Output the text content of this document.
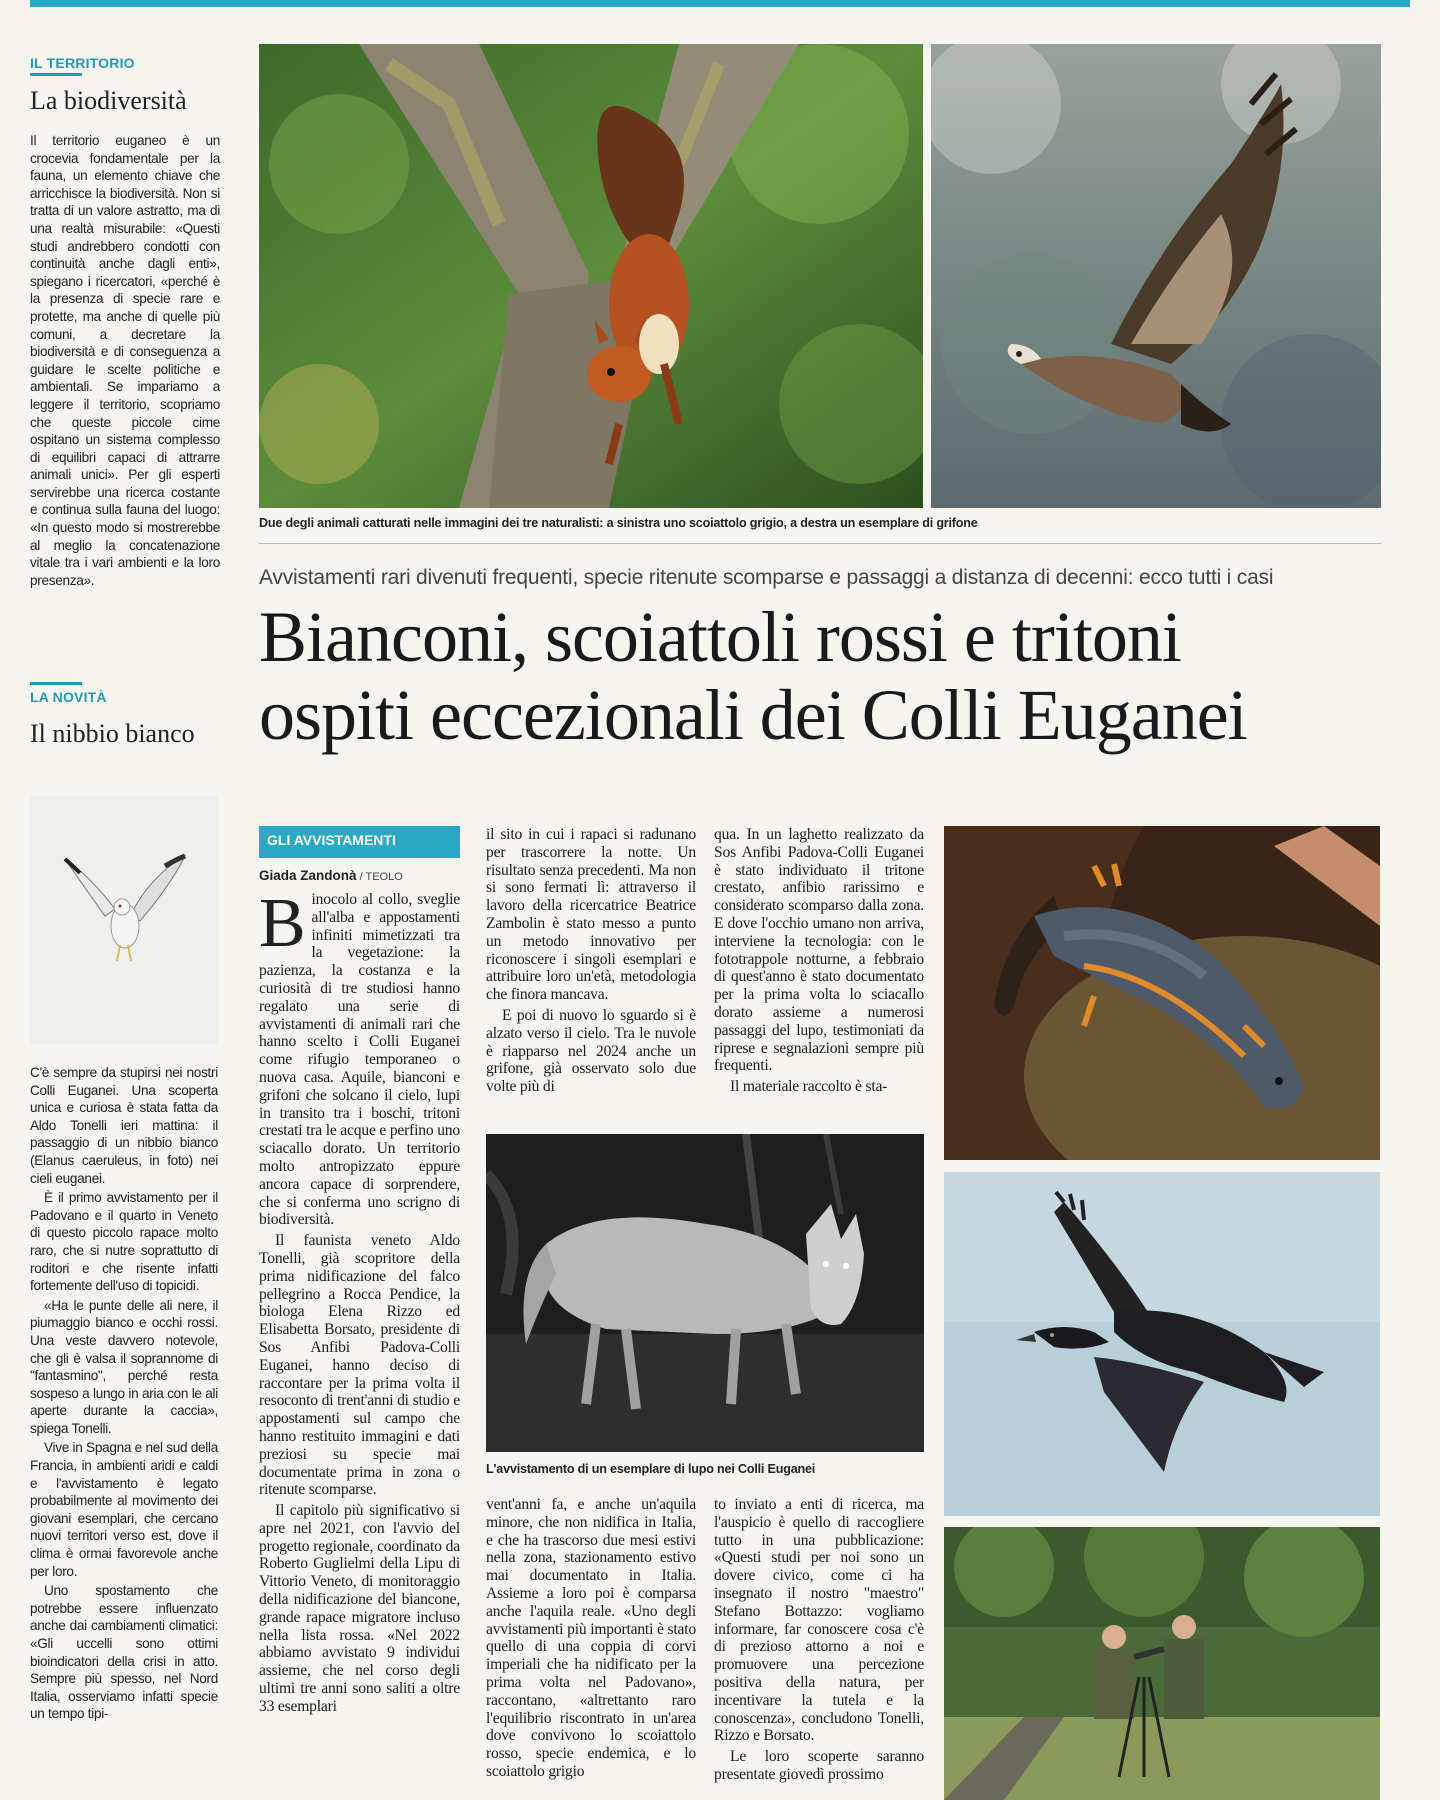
IL TERRITORIO
La biodiversità
Il territorio euganeo è un crocevia fondamentale per la fauna, un elemento chiave che arricchisce la biodiversità. Non si tratta di un valore astratto, ma di una realtà misurabile: «Questi studi andrebbero condotti con continuità anche dagli enti», spiegano i ricercatori, «perché è la presenza di specie rare e protette, ma anche di quelle più comuni, a decretare la biodiversità e di conseguenza a guidare le scelte politiche e ambientali. Se impariamo a leggere il territorio, scopriamo che queste piccole cime ospitano un sistema complesso di equilibri capaci di attrarre animali unici». Per gli esperti servirebbe una ricerca costante e continua sulla fauna del luogo: «In questo modo si mostrerebbe al meglio la concatenazione vitale tra i vari ambienti e la loro presenza».
LA NOVITÀ
Il nibbio bianco

C'è sempre da stupirsi nei nostri Colli Euganei. Una scoperta unica e curiosa è stata fatta da Aldo Tonelli ieri mattina: il passaggio di un nibbio bianco (Elanus caeruleus, in foto) nei cieli euganei.

È il primo avvistamento per il Padovano e il quarto in Veneto di questo piccolo rapace molto raro, che si nutre soprattutto di roditori e che risente infatti fortemente dell'uso di topicidi.

«Ha le punte delle ali nere, il piumaggio bianco e occhi rossi. Una veste davvero notevole, che gli è valsa il soprannome di "fantasmino", perché resta sospeso a lungo in aria con le ali aperte durante la caccia», spiega Tonelli.

Vive in Spagna e nel sud della Francia, in ambienti aridi e caldi e l'avvistamento è legato probabilmente al movimento dei giovani esemplari, che cercano nuovi territori verso est, dove il clima è ormai favorevole anche per loro.

Uno spostamento che potrebbe essere influenzato anche dai cambiamenti climatici: «Gli uccelli sono ottimi bioindicatori della crisi in atto. Sempre più spesso, nel Nord Italia, osserviamo infatti specie un tempo tipi-

Due degli animali catturati nelle immagini dei tre naturalisti: a sinistra uno scoiattolo grigio, a destra un esemplare di grifone
Avvistamenti rari divenuti frequenti, specie ritenute scomparse e passaggi a distanza di decenni: ecco tutti i casi
Bianconi, scoiattoli rossi e tritoni
ospiti eccezionali dei Colli Euganei
GLI AVVISTAMENTI
Giada Zandonà / TEOLO

Binocolo al collo, sveglie all'alba e appostamenti infiniti mimetizzati tra la vegetazione: la pazienza, la costanza e la curiosità di tre studiosi hanno regalato una serie di avvistamenti di animali rari che hanno scelto i Colli Euganei come rifugio temporaneo o nuova casa. Aquile, bianconi e grifoni che solcano il cielo, lupi in transito tra i boschi, tritoni crestati tra le acque e perfino uno sciacallo dorato. Un territorio molto antropizzato eppure ancora capace di sorprendere, che si conferma uno scrigno di biodiversità.

Il faunista veneto Aldo Tonelli, già scopritore della prima nidificazione del falco pellegrino a Rocca Pendice, la biologa Elena Rizzo ed Elisabetta Borsato, presidente di Sos Anfibi Padova-Colli Euganei, hanno deciso di raccontare per la prima volta il resoconto di trent'anni di studio e appostamenti sul campo che hanno restituito immagini e dati preziosi su specie mai documentate prima in zona o ritenute scomparse.

Il capitolo più significativo si apre nel 2021, con l'avvio del progetto regionale, coordinato da Roberto Guglielmi della Lipu di Vittorio Veneto, di monitoraggio della nidificazione del biancone, grande rapace migratore incluso nella lista rossa. «Nel 2022 abbiamo avvistato 9 individui assieme, che nel corso degli ultimi tre anni sono saliti a oltre 33 esemplari

il sito in cui i rapaci si radunano per trascorrere la notte. Un risultato senza precedenti. Ma non si sono fermati lì: attraverso il lavoro della ricercatrice Beatrice Zambolin è stato messo a punto un metodo innovativo per riconoscere i singoli esemplari e attribuire loro un'età, metodologia che finora mancava.

E poi di nuovo lo sguardo si è alzato verso il cielo. Tra le nuvole è riapparso nel 2024 anche un grifone, già osservato solo due volte più di

qua. In un laghetto realizzato da Sos Anfibi Padova-Colli Euganei è stato individuato il tritone crestato, anfibio rarissimo e considerato scomparso dalla zona. E dove l'occhio umano non arriva, interviene la tecnologia: con le fototrappole notturne, a febbraio di quest'anno è stato documentato per la prima volta lo sciacallo dorato assieme a numerosi passaggi del lupo, testimoniati da riprese e segnalazioni sempre più frequenti.

Il materiale raccolto è sta-

L'avvistamento di un esemplare di lupo nei Colli Euganei

vent'anni fa, e anche un'aquila minore, che non nidifica in Italia, e che ha trascorso due mesi estivi nella zona, stazionamento estivo mai documentato in Italia. Assieme a loro poi è comparsa anche l'aquila reale. «Uno degli avvistamenti più importanti è stato quello di una coppia di corvi imperiali che ha nidificato per la prima volta nel Padovano», raccontano, «altrettanto raro l'equilibrio riscontrato in un'area dove convivono lo scoiattolo rosso, specie endemica, e lo scoiattolo grigio

to inviato a enti di ricerca, ma l'auspicio è quello di raccogliere tutto in una pubblicazione: «Questi studi per noi sono un dovere civico, come ci ha insegnato il nostro "maestro" Stefano Bottazzo: vogliamo informare, far conoscere cosa c'è di prezioso attorno a noi e promuovere una percezione positiva della natura, per incentivare la tutela e la conoscenza», concludono Tonelli, Rizzo e Borsato.

Le loro scoperte saranno presentate giovedì prossimo
